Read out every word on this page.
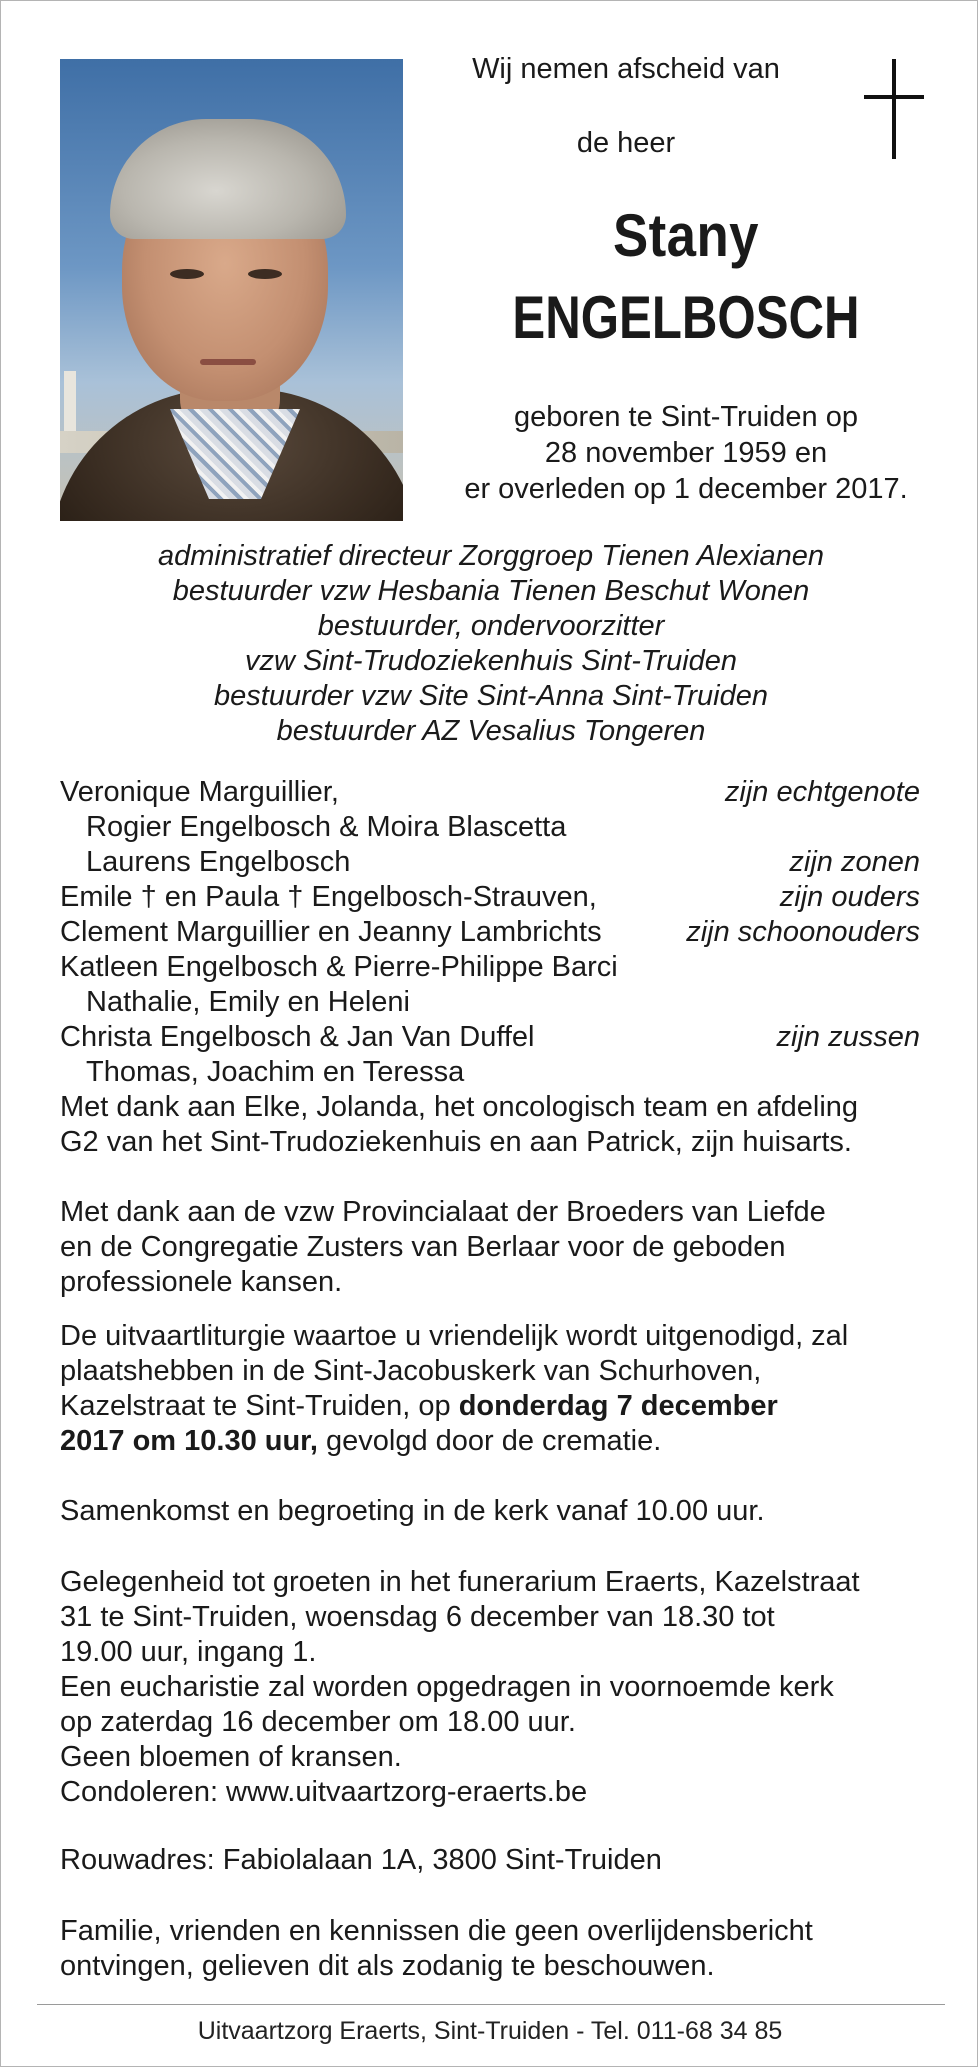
Wij nemen afscheid van
de heer
Stany
ENGELBOSCH
geboren te Sint-Truiden op
28 november 1959 en
er overleden op 1 december 2017.
administratief directeur Zorggroep Tienen Alexianen
bestuurder vzw Hesbania Tienen Beschut Wonen
bestuurder, ondervoorzitter
vzw Sint-Trudoziekenhuis Sint-Truiden
bestuurder vzw Site Sint-Anna Sint-Truiden
bestuurder AZ Vesalius Tongeren
Veronique Marguillier,	zijn echtgenote
Rogier Engelbosch & Moira Blascetta
Laurens Engelbosch	zijn zonen
Emile † en Paula † Engelbosch-Strauven,	zijn ouders
Clement Marguillier en Jeanny Lambrichts	zijn schoonouders
Katleen Engelbosch & Pierre-Philippe Barci
Nathalie, Emily en Heleni
Christa Engelbosch & Jan Van Duffel	zijn zussen
Thomas, Joachim en Teressa
Met dank aan Elke, Jolanda, het oncologisch team en afdeling
G2 van het Sint-Trudoziekenhuis en aan Patrick, zijn huisarts.
Met dank aan de vzw Provincialaat der Broeders van Liefde
en de Congregatie Zusters van Berlaar voor de geboden
professionele kansen.
De uitvaartliturgie waartoe u vriendelijk wordt uitgenodigd, zal
plaatshebben in de Sint-Jacobuskerk van Schurhoven,
Kazelstraat te Sint-Truiden, op donderdag 7 december
2017 om 10.30 uur, gevolgd door de crematie.
Samenkomst en begroeting in de kerk vanaf 10.00 uur.
Gelegenheid tot groeten in het funerarium Eraerts, Kazelstraat
31 te Sint-Truiden, woensdag 6 december van 18.30 tot
19.00 uur, ingang 1.
Een eucharistie zal worden opgedragen in voornoemde kerk
op zaterdag 16 december om 18.00 uur.
Geen bloemen of kransen.
Condoleren: www.uitvaartzorg-eraerts.be
Rouwadres: Fabiolalaan 1A, 3800 Sint-Truiden
Familie, vrienden en kennissen die geen overlijdensbericht
ontvingen, gelieven dit als zodanig te beschouwen.
Uitvaartzorg Eraerts, Sint-Truiden - Tel. 011-68 34 85
